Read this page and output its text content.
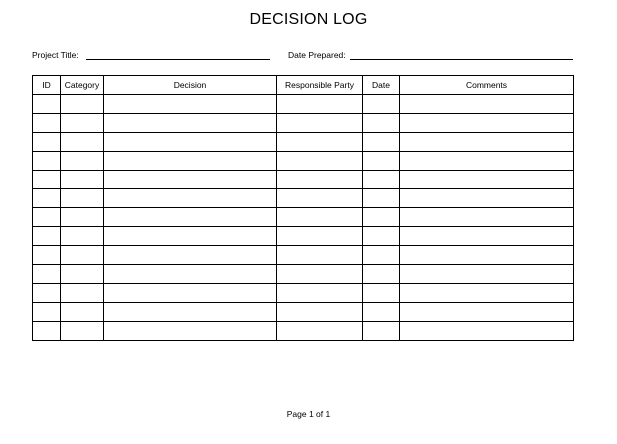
DECISION LOG
Project Title:	Date Prepared:
ID	Category	Decision	Responsible Party	Date	Comments

Page 1 of 1
